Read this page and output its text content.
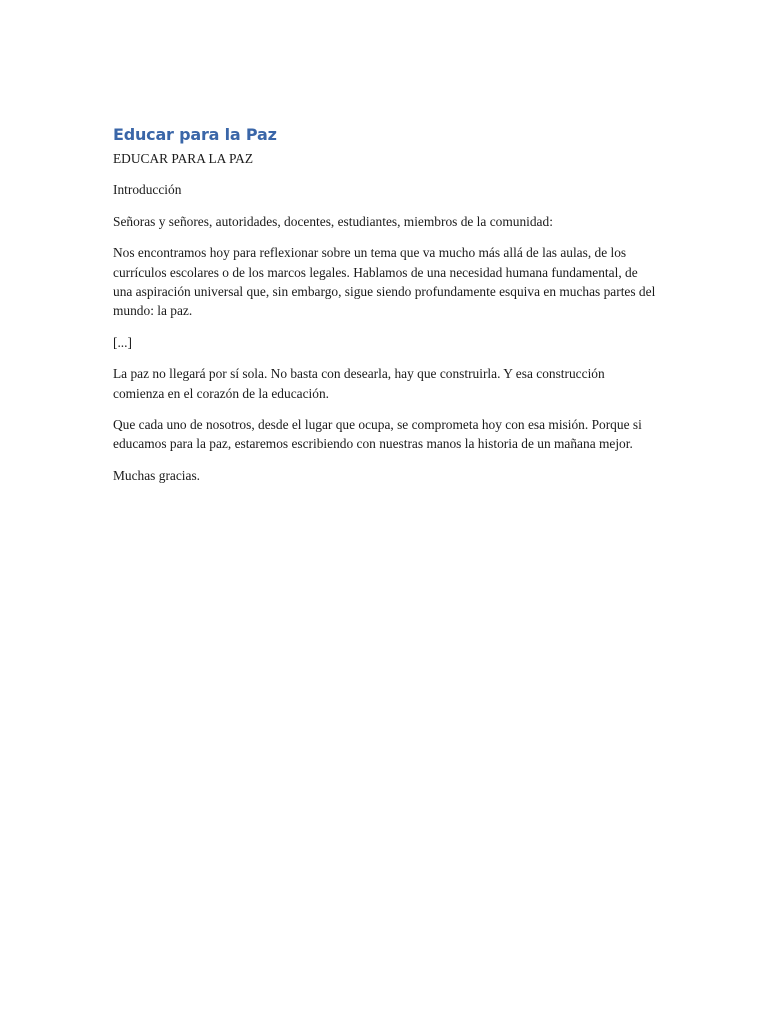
Educar para la Paz

EDUCAR PARA LA PAZ

Introducción

Señoras y señores, autoridades, docentes, estudiantes, miembros de la comunidad:

Nos encontramos hoy para reflexionar sobre un tema que va mucho más allá de las aulas, de los currículos escolares o de los marcos legales. Hablamos de una necesidad humana fundamental, de una aspiración universal que, sin embargo, sigue siendo profundamente esquiva en muchas partes del mundo: la paz.

[...]

La paz no llegará por sí sola. No basta con desearla, hay que construirla. Y esa construcción comienza en el corazón de la educación.

Que cada uno de nosotros, desde el lugar que ocupa, se comprometa hoy con esa misión. Porque si educamos para la paz, estaremos escribiendo con nuestras manos la historia de un mañana mejor.

Muchas gracias.
